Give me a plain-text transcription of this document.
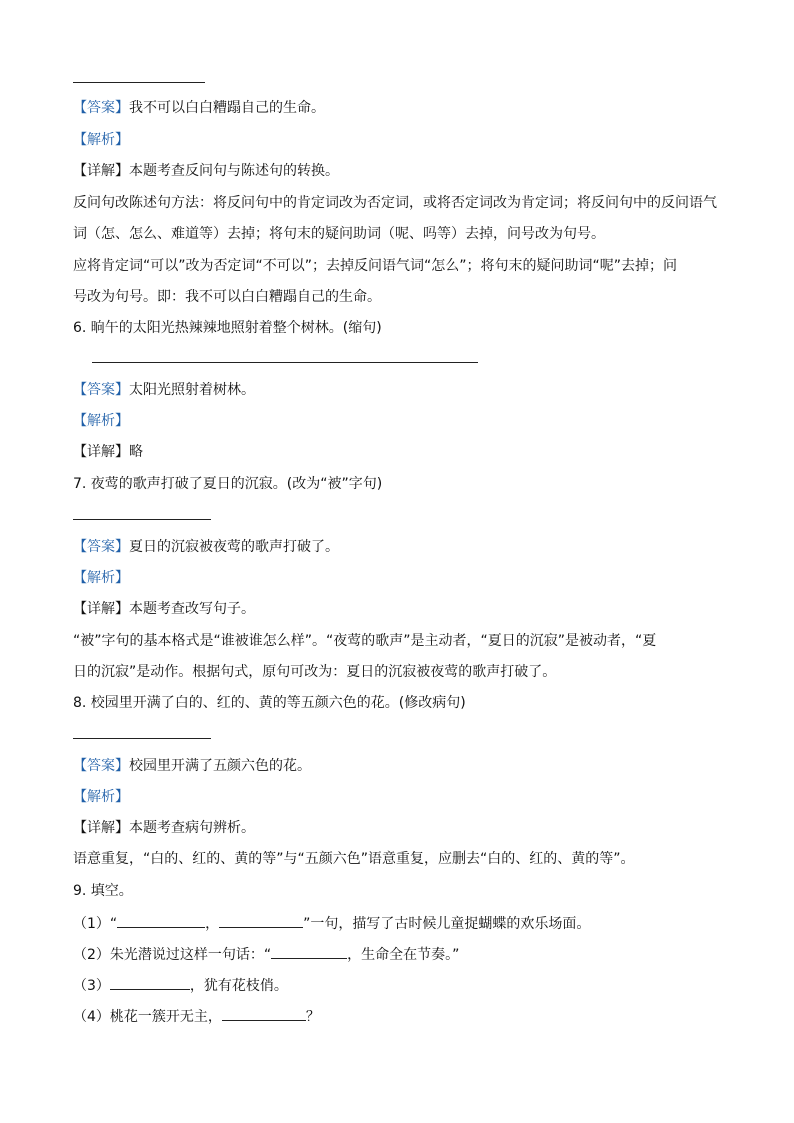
【答案】我不可以白白糟蹋自己的生命。
【解析】
【详解】本题考查反问句与陈述句的转换。
反问句改陈述句方法：将反问句中的肯定词改为否定词，或将否定词改为肯定词；将反问句中的反问语气
词（怎、怎么、难道等）去掉；将句末的疑问助词（呢、吗等）去掉，问号改为句号。
应将肯定词“可以”改为否定词“不可以”；去掉反问语气词“怎么”；将句末的疑问助词“呢”去掉；问
号改为句号。即：我不可以白白糟蹋自己的生命。
6. 晌午的太阳光热辣辣地照射着整个树林。(缩句)
【答案】太阳光照射着树林。
【解析】
【详解】略
7. 夜莺的歌声打破了夏日的沉寂。(改为“被”字句)
【答案】夏日的沉寂被夜莺的歌声打破了。
【解析】
【详解】本题考查改写句子。
“被”字句的基本格式是“谁被谁怎么样”。“夜莺的歌声”是主动者，“夏日的沉寂”是被动者，“夏
日的沉寂”是动作。根据句式，原句可改为：夏日的沉寂被夜莺的歌声打破了。
8. 校园里开满了白的、红的、黄的等五颜六色的花。(修改病句)
【答案】校园里开满了五颜六色的花。
【解析】
【详解】本题考查病句辨析。
语意重复，“白的、红的、黄的等”与“五颜六色”语意重复，应删去“白的、红的、黄的等”。
9. 填空。
（1）“	，	”一句，描写了古时候儿童捉蝴蝶的欢乐场面。
（2）朱光潜说过这样一句话：“	，生命全在节奏。”
（3）	，犹有花枝俏。
（4）桃花一簇开无主，	？
